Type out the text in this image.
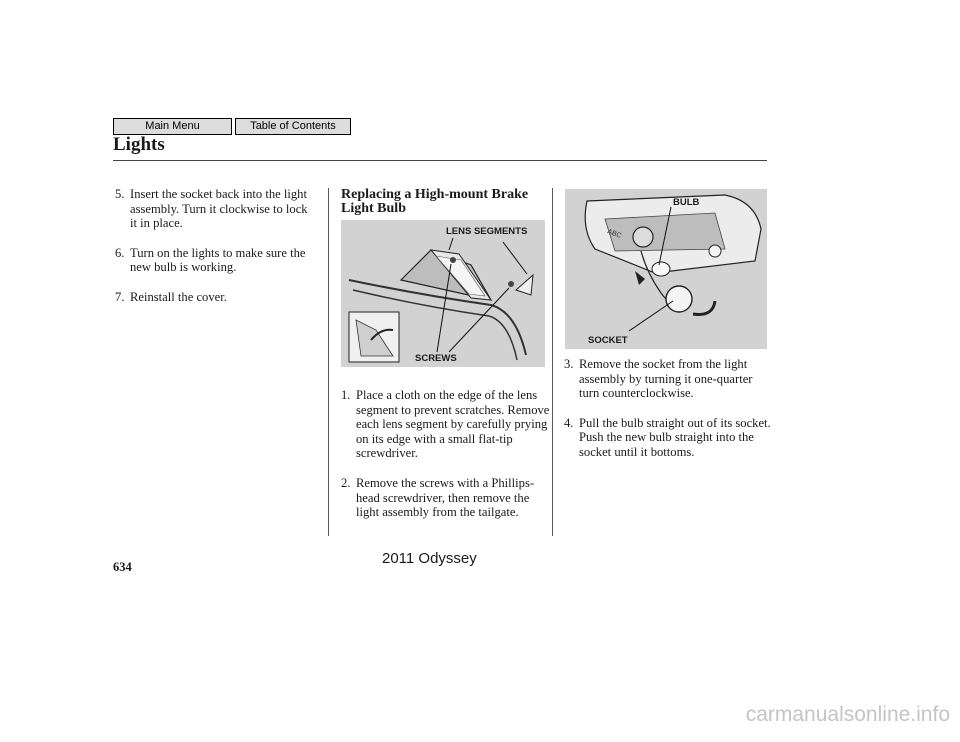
Main Menu	Table of Contents
Lights
5. Insert the socket back into the light assembly. Turn it clockwise to lock it in place.
6. Turn on the lights to make sure the new bulb is working.
7. Reinstall the cover.
Replacing a High-mount Brake Light Bulb
LENS SEGMENTS
SCREWS
1. Place a cloth on the edge of the lens segment to prevent scratches. Remove each lens segment by carefully prying on its edge with a small flat-tip screwdriver.
2. Remove the screws with a Phillips-head screwdriver, then remove the light assembly from the tailgate.
ABC
BULB
SOCKET
3. Remove the socket from the light assembly by turning it one-quarter turn counterclockwise.
4. Pull the bulb straight out of its socket. Push the new bulb straight into the socket until it bottoms.
634	2011 Odyssey
carmanualsonline.info
